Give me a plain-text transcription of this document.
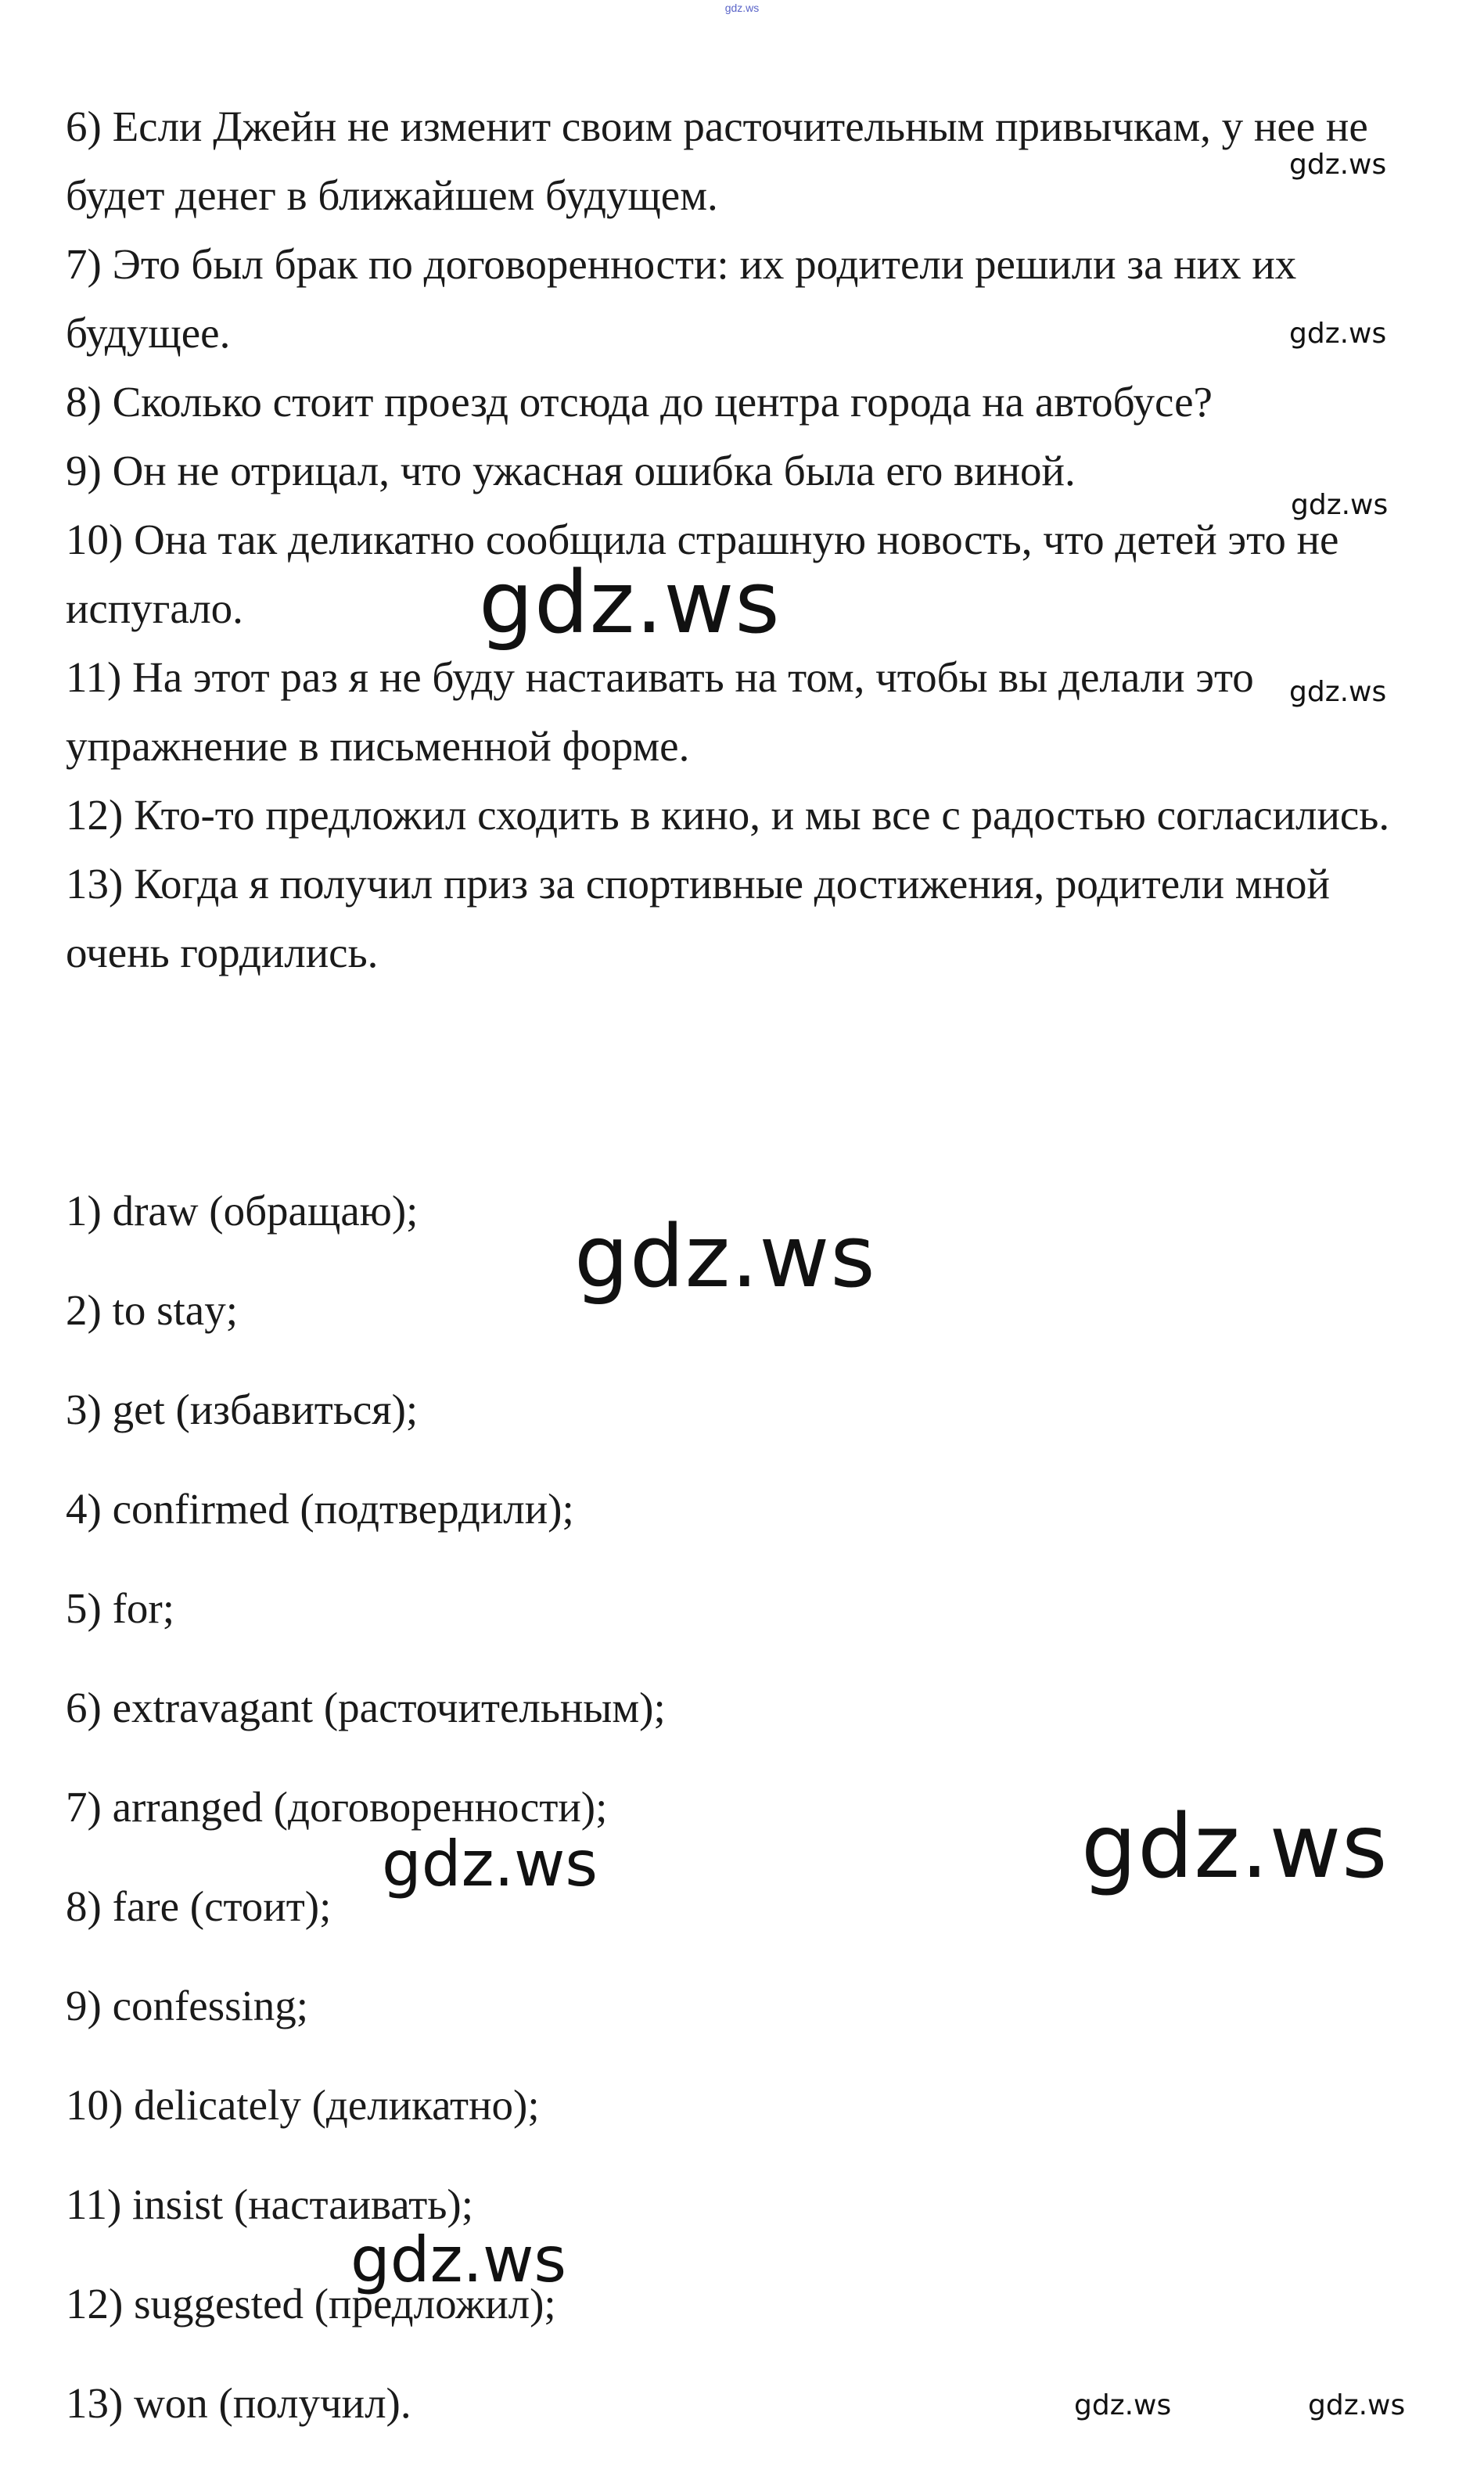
gdz.ws

6) Если Джейн не изменит своим расточительным привычкам, у нее не будет денег в ближайшем будущем.

7) Это был брак по договоренности: их родители решили за них их будущее.

8) Сколько стоит проезд отсюда до центра города на автобусе?

9) Он не отрицал, что ужасная ошибка была его виной.

10) Она так деликатно сообщила страшную новость, что детей это не испугало.

11) На этот раз я не буду настаивать на том, чтобы вы делали это упражнение в письменной форме.

12) Кто-то предложил сходить в кино, и мы все с радостью согласились.

13) Когда я получил приз за спортивные достижения, родители мной очень гордились.

1) draw (обращаю);
2) to stay;
3) get (избавиться);
4) confirmed (подтвердили);
5) for;
6) extravagant (расточительным);
7) arranged (договоренности);
8) fare (стоит);
9) confessing;
10) delicately (деликатно);
11) insist (настаивать);
12) suggested (предложил);
13) won (получил).
gdz.ws
gdz.ws
gdz.ws
gdz.ws
gdz.ws
gdz.ws
gdz.ws
gdz.ws
gdz.ws
gdz.ws	gdz.ws
